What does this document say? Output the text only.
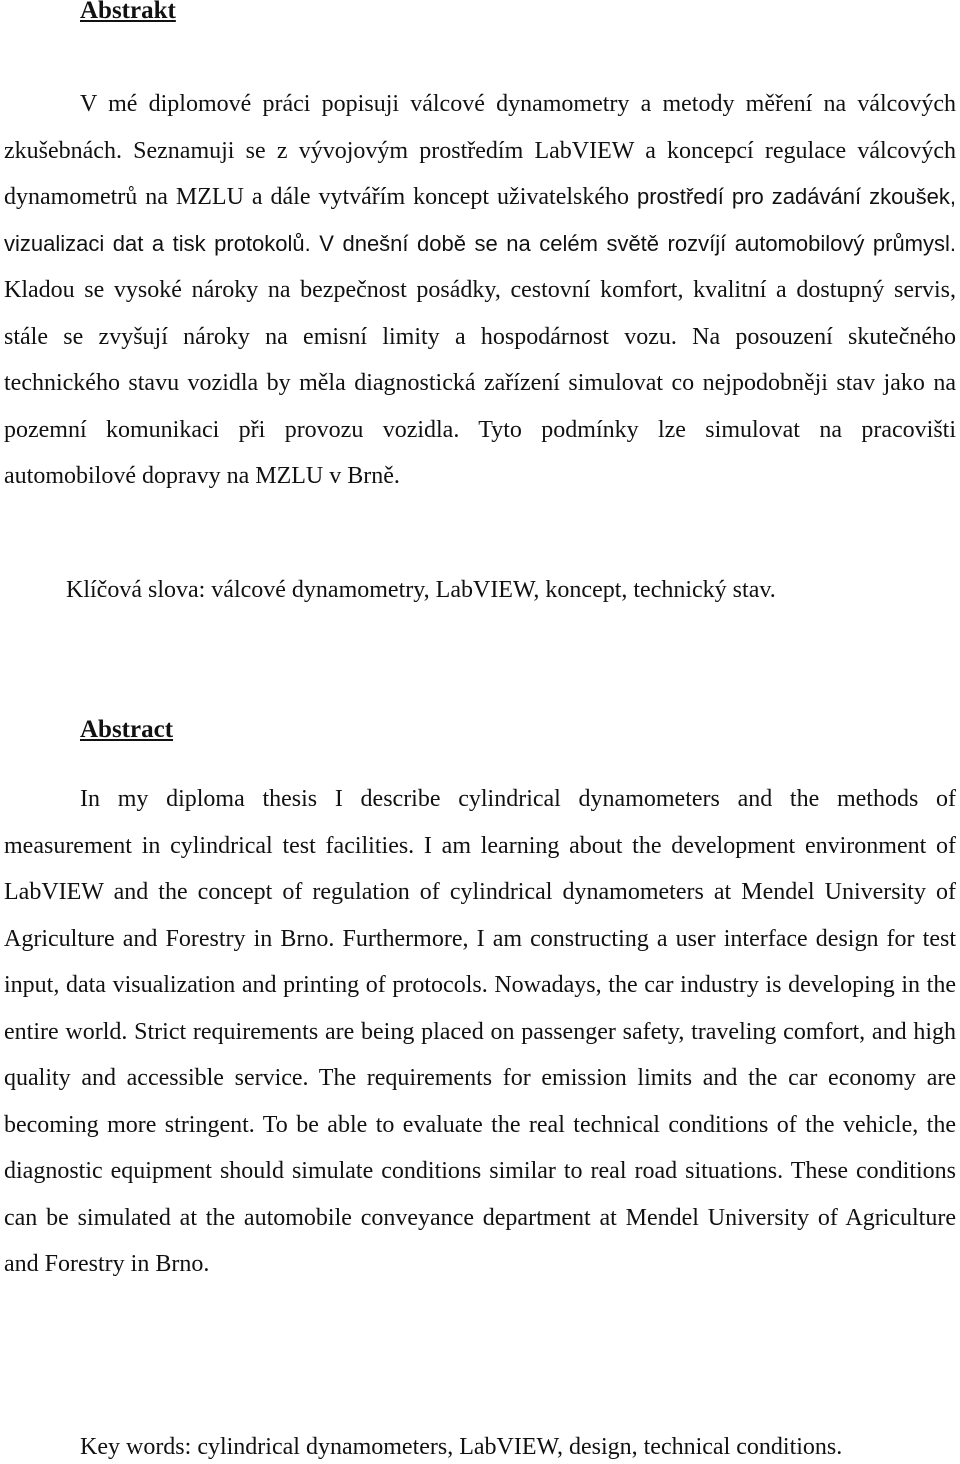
Abstrakt

V mé diplomové práci popisuji válcové dynamometry a metody měření na válcových zkušebnách. Seznamuji se z vývojovým prostředím LabVIEW a koncepcí regulace válcových dynamometrů na MZLU a dále vytvářím koncept uživatelského prostředí pro zadávání zkoušek, vizualizaci dat a tisk protokolů. V dnešní době se na celém světě rozvíjí automobilový průmysl. Kladou se vysoké nároky na bezpečnost posádky, cestovní komfort, kvalitní a dostupný servis, stále se zvyšují nároky na emisní limity a hospodárnost vozu. Na posouzení skutečného technického stavu vozidla by měla diagnostická zařízení simulovat co nejpodobněji stav jako na pozemní komunikaci při provozu vozidla. Tyto podmínky lze simulovat na pracovišti automobilové dopravy na MZLU v Brně.

Klíčová slova: válcové dynamometry, LabVIEW, koncept, technický stav.

Abstract

In my diploma thesis I describe cylindrical dynamometers and the methods of measurement in cylindrical test facilities. I am learning about the development environment of LabVIEW and the concept of regulation of cylindrical dynamometers at Mendel University of Agriculture and Forestry in Brno. Furthermore, I am constructing a user interface design for test input, data visualization and printing of protocols. Nowadays, the car industry is developing in the entire world. Strict requirements are being placed on passenger safety, traveling comfort, and high quality and accessible service. The requirements for emission limits and the car economy are becoming more stringent. To be able to evaluate the real technical conditions of the vehicle, the diagnostic equipment should simulate conditions similar to real road situations. These conditions can be simulated at the automobile conveyance department at Mendel University of Agriculture and Forestry in Brno.

Key words: cylindrical dynamometers, LabVIEW, design, technical conditions.
